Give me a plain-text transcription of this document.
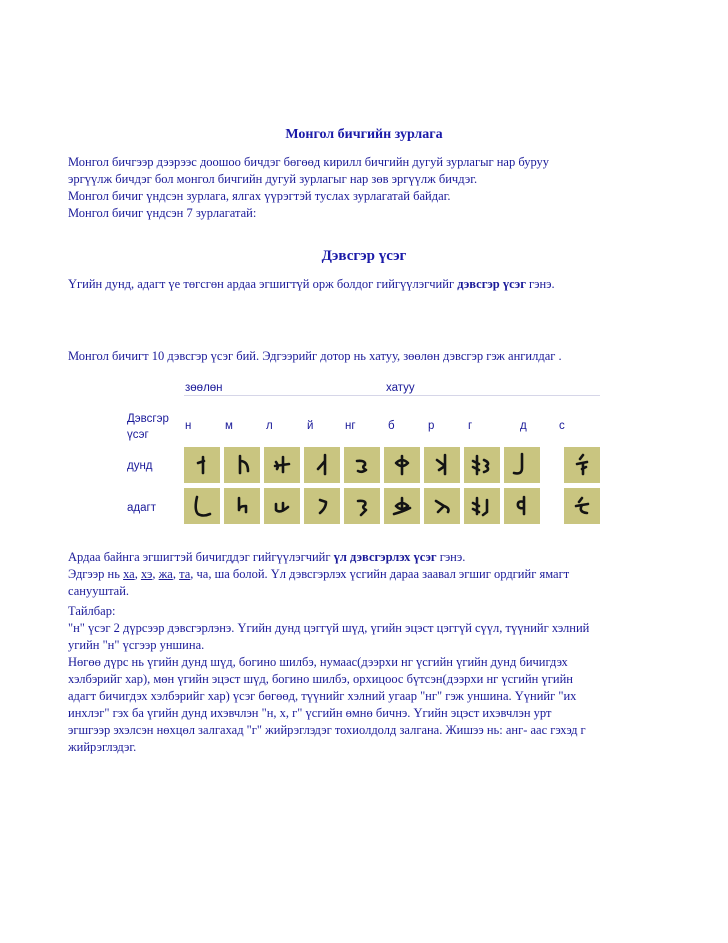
Монгол бичгийн зурлага
Монгол бичгээр дээрээс доошоо бичдэг бөгөөд кирилл бичгийн дугуй зурлагыг нар буруу
эргүүлж бичдэг бол монгол бичгийн дугуй зурлагыг нар зөв эргүүлж бичдэг.
Монгол бичиг үндсэн зурлага, ялгах үүрэгтэй туслах зурлагатай байдаг.
Монгол бичиг үндсэн 7 зурлагатай:
Дэвсгэр үсэг
Үгийн дунд, адагт үе төгсгөн ардаа эгшигтүй орж болдог гийгүүлэгчийг дэвсгэр үсэг гэнэ.
Монгол бичигт 10 дэвсгэр үсэг бий. Эдгээрийг дотор нь хатуу, зөөлөн дэвсгэр гэж ангилдаг .
зөөлөн	хатуу
Дэвсгэр
үсэг
н	м	л	й	нг	б	р	г	д	с
дунд
адагт
Ардаа байнга эгшигтэй бичигддэг гийгүүлэгчийг үл дэвсгэрлэх үсэг гэнэ.
Эдгээр нь ха, хэ, жа, та, ча, ша болой. Үл дэвсгэрлэх үсгийн дараа заавал эгшиг ордгийг ямагт
санууштай.
Тайлбар:
"н" үсэг 2 дүрсээр дэвсгэрлэнэ. Үгийн дунд цэггүй шүд, үгийн эцэст цэггүй сүүл, түүнийг хэлний
угийн "н" үсгээр уншина.
Нөгөө дүрс нь үгийн дунд шүд, богино шилбэ, нумаас(дээрхи нг үсгийн үгийн дунд бичигдэх
хэлбэрийг хар), мөн үгийн эцэст шүд, богино шилбэ, орхицоос бүтсэн(дээрхи нг үсгийн үгийн
адагт бичигдэх хэлбэрийг хар) үсэг бөгөөд, түүнийг хэлний угаар "нг" гэж уншина. Үүнийг "их
инхлэг" гэх ба үгийн дунд ихэвчлэн "н, х, г" үсгийн өмнө бичнэ. Үгийн эцэст ихэвчлэн урт
эгшгээр эхэлсэн нөхцөл залгахад "г" жийрэглэдэг тохиолдолд залгана. Жишээ нь: анг- аас гэхэд г
жийрэглэдэг.
